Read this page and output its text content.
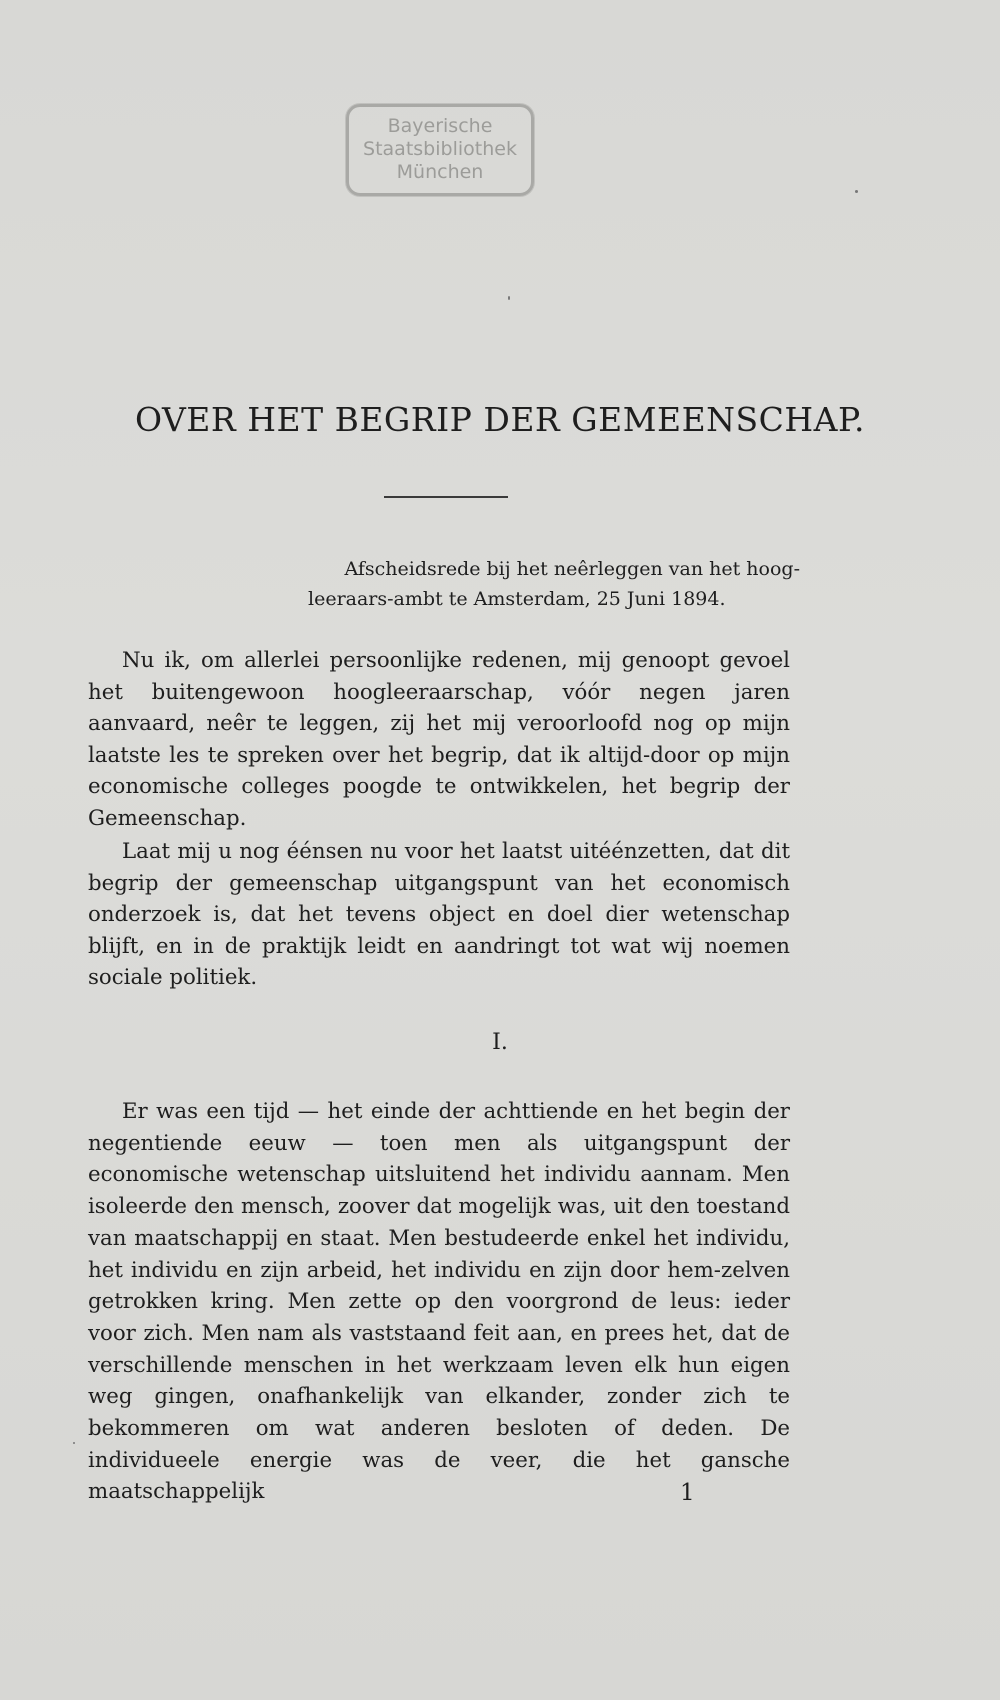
Bayerische
Staatsbibliothek
München
OVER HET BEGRIP DER GEMEENSCHAP.
Afscheidsrede bij het neêrleggen van het hoog-
leeraars-ambt te Amsterdam, 25 Juni 1894.

Nu ik, om allerlei persoonlijke redenen, mij genoopt gevoel het buitengewoon hoogleeraarschap, vóór negen jaren aanvaard, neêr te leggen, zij het mij veroorloofd nog op mijn laatste les te spreken over het begrip, dat ik altijd-door op mijn economische colleges poogde te ontwikkelen, het begrip der Gemeenschap.

Laat mij u nog éénsen nu voor het laatst uitéénzetten, dat dit begrip der gemeenschap uitgangspunt van het economisch onderzoek is, dat het tevens object en doel dier wetenschap blijft, en in de praktijk leidt en aandringt tot wat wij noemen sociale politiek.

I.

Er was een tijd — het einde der achttiende en het begin der negentiende eeuw — toen men als uitgangspunt der economische wetenschap uitsluitend het individu aannam. Men isoleerde den mensch, zoover dat mogelijk was, uit den toestand van maatschappij en staat. Men bestudeerde enkel het individu, het individu en zijn arbeid, het individu en zijn door hem-zelven getrokken kring. Men zette op den voorgrond de leus: ieder voor zich. Men nam als vaststaand feit aan, en prees het, dat de verschillende menschen in het werkzaam leven elk hun eigen weg gingen, onafhankelijk van elkander, zonder zich te bekommeren om wat anderen besloten of deden. De individueele energie was de veer, die het gansche maatschappelijk	1
